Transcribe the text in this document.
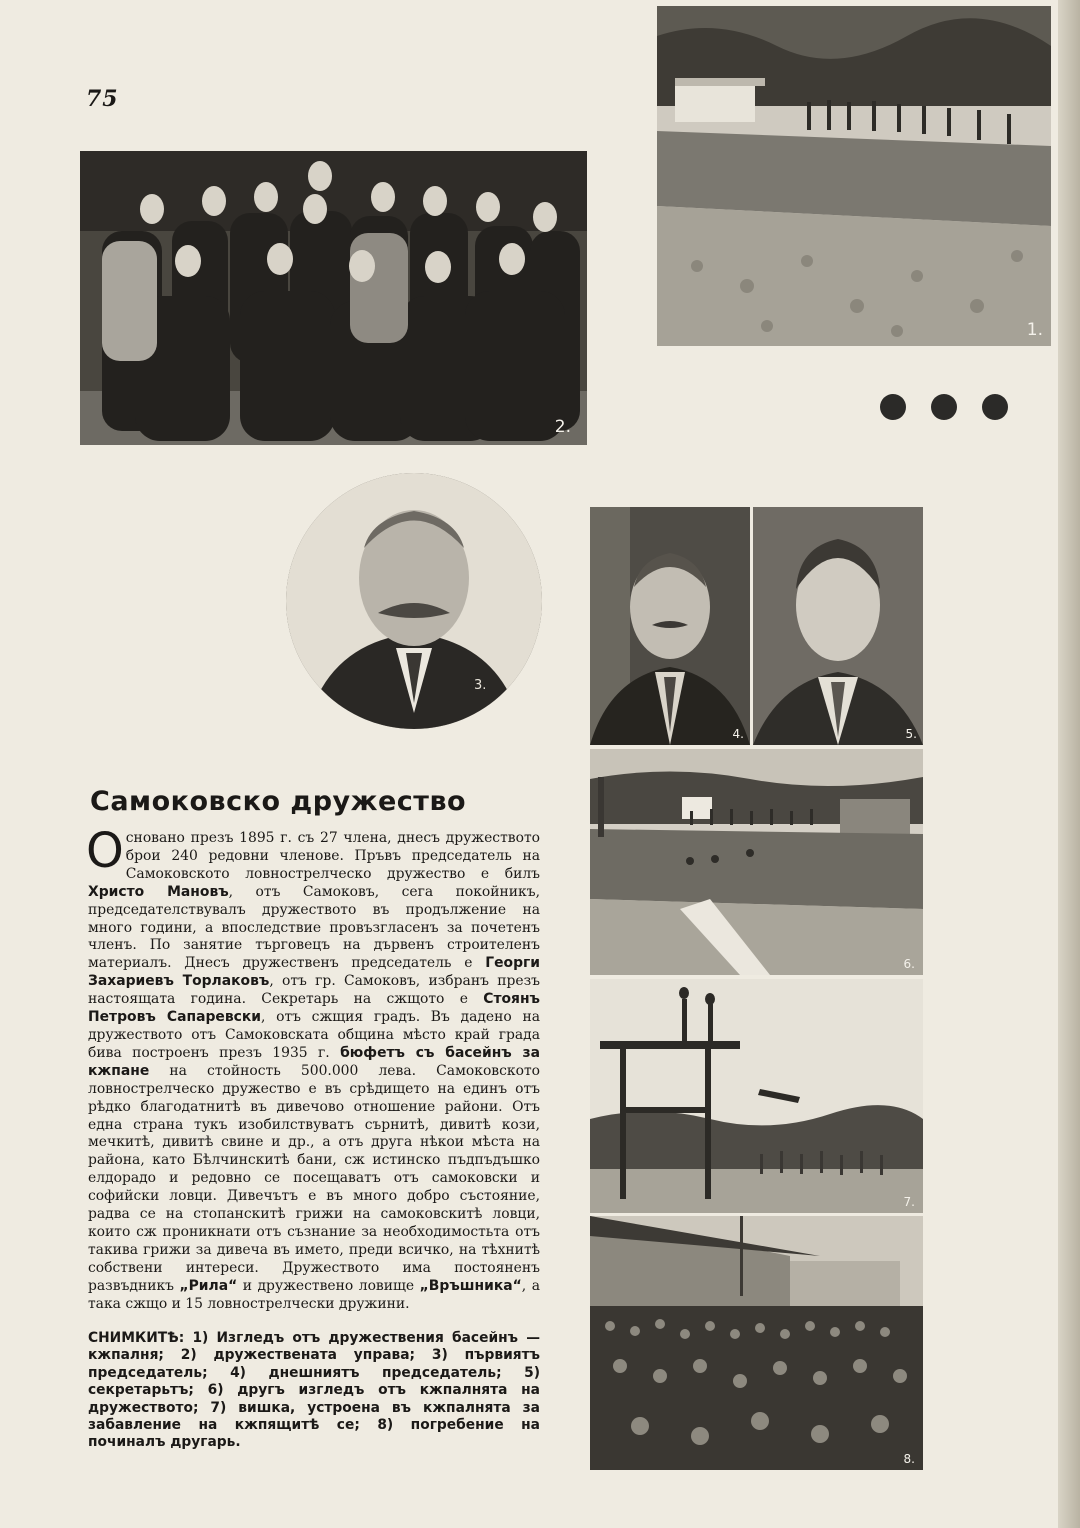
75
2.
1.
3.
4.	5.
6.
7.
8.
Самоковско дружество

Основано презъ 1895 г. съ 27 члена, днесъ дружеството брои 240 редовни членове. Пръвъ председатель на Самоковското ловнострелческо дружество е билъ Христо Мановъ, отъ Самоковъ, сега покойникъ, председателствувалъ дружеството въ продължение на много години, а впоследствие провъзгласенъ за почетенъ членъ. По занятие търговецъ на дървенъ строителенъ материалъ. Днесъ дружественъ председатель е Георги Захариевъ Торлаковъ, отъ гр. Самоковъ, избранъ презъ настоящата година. Секретарь на сжщото е Стоянъ Петровъ Сапаревски, отъ сжщия градъ. Въ дадено на дружеството отъ Самоковската община мѣсто край града бива построенъ презъ 1935 г. бюфетъ съ басейнъ за кжпане на стойность 500.000 лева. Самоковското ловнострелческо дружество е въ срѣдището на единъ отъ рѣдко благодатнитѣ въ дивечово отношение райони. Отъ една страна тукъ изобилствуватъ сърнитѣ, дивитѣ кози, мечкитѣ, дивитѣ свине и др., а отъ друга нѣкои мѣста на района, като Бѣлчинскитѣ бани, сж истинско пъдпъдъшко елдорадо и редовно се посещаватъ отъ самоковски и софийски ловци. Дивечътъ е въ много добро състояние, радва се на стопанскитѣ грижи на самоковскитѣ ловци, които сж проникнати отъ съзнание за необходимостьта отъ такива грижи за дивеча въ името, преди всичко, на тѣхнитѣ собствени интереси. Дружеството има постояненъ развъдникъ „Рила“ и дружествено ловище „Връшника“, а така сжщо и 15 ловнострелчески дружини.

СНИМКИТѢ: 1) Изгледъ отъ дружествения басейнъ — кжпалня; 2) дружествената управа; 3) първиятъ председатель; 4) днешниятъ председатель; 5) секретарьтъ; 6) другъ изгледъ отъ кжпалнята на дружеството; 7) вишка, устроена въ кжпалнята за забавление на кжпящитѣ се; 8) погребение на починалъ другарь.
